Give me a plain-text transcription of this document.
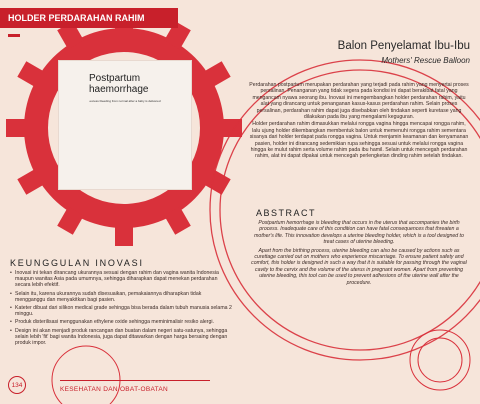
HOLDER PERDARAHAN RAHIM
Postpartum
haemorrhage
excess bleeding from normal after a baby is delivered
Balon Penyelamat Ibu-Ibu
Mothers' Rescue Balloon

Perdarahan postpartum merupakan perdarahan yang terjadi pada rahim yang menyertai proses persalinan. Penanganan yang tidak segera pada kondisi ini dapat berakibat fatal yang mengancam nyawa seorang ibu. Inovasi ini mengembangkan holder perdarahan rahim, yaitu alat yang dirancang untuk penanganan kasus-kasus perdarahan rahim. Selain proses persalinan, perdarahan rahim dapat juga disebabkan oleh tindakan seperti kuretase yang dilakukan pada ibu yang mengalami keguguran.

Holder perdarahan rahim dimasukkan melalui rongga vagina hingga mencapai rongga rahim, lalu ujung holder dikembangkan membentuk balon untuk memenuhi rongga rahim sementara sisanya dari holder terdapat pada rongga vagina. Untuk menjamin keamanan dan kenyamanan pasien, holder ini dirancang sedemikian rupa sehingga sesuai untuk melalui rongga vagina hingga ke mulut rahim serta volume rahim pada ibu hamil. Selain untuk mencegah perdarahan rahim, alat ini dapat dipakai untuk mencegah perlengketan dinding rahim setelah tindakan.

ABSTRACT

Postpartum hemorrhage is bleeding that occurs in the uterus that accompanies the birth process. Inadequate care of this condition can have fatal consequences that threaten a mother's life. This innovation develops a uterine bleeding holder, which is a tool designed to treat cases of uterine bleeding.

Apart from the birthing process, uterine bleeding can also be caused by actions such as curettage carried out on mothers who experience miscarriage. To ensure patient safety and comfort, this holder is designed in such a way that it is suitable for passing through the vaginal cavity to the cervix and the volume of the uterus in pregnant women. Apart from preventing uterine bleeding, this tool can be used to prevent adhesions of the uterine wall after the procedure.

KEUNGGULAN INOVASI
• Inovasi ini tekan dirancang ukurannya sesuai dengan rahim dan vagina wanita Indonesia maupun wanitas Asia pada umumnya, sehingga diharapkan dapat menekan perdarahan secara lebih efektif.
• Selain itu, karena ukurannya sudah disesuaikan, pemakaiannya diharapkan tidak mengganggu dan menyakitkan bagi pasien.
• Kateter dibuat dari silikon medical grade sehingga bisa berada dalam tubuh manusia selama 2 minggu.
• Produk disterilisasi menggunakan ethylene oxide sehingga meminimalisir resiko alergi.
• Design ini akan menjadi produk rancangan dan buatan dalam negeri satu-satunya, sehingga selain lebih 'fit' bagi wanita Indonesia, juga dapat ditawarkan dengan harga bersaing dengan produk impor.
134
KESEHATAN DAN OBAT-OBATAN
